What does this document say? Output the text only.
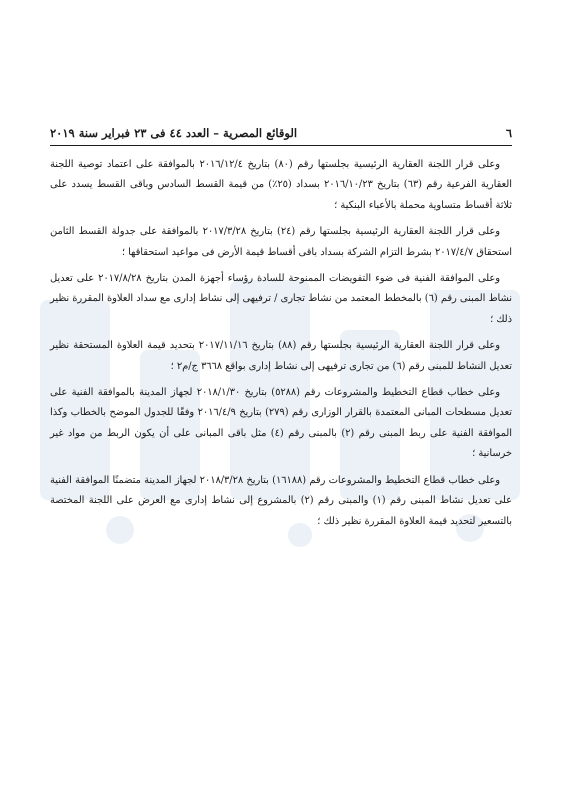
٦
الوقائع المصرية – العدد ٤٤ فى ٢٣ فبراير سنة ٢٠١٩

وعلى قرار اللجنة العقارية الرئيسية بجلستها رقم (٨٠) بتاريخ ٢٠١٦/١٢/٤ بالموافقة على اعتماد توصية اللجنة العقارية الفرعية رقم (٦٣) بتاريخ ٢٠١٦/١٠/٢٣ بسداد (٢٥٪) من قيمة القسط السادس وباقى القسط يسدد على ثلاثة أقساط متساوية محملة بالأعباء البنكية ؛

وعلى قرار اللجنة العقارية الرئيسية بجلستها رقم (٢٤) بتاريخ ٢٠١٧/٣/٢٨ بالموافقة على جدولة القسط الثامن استحقاق ٢٠١٧/٤/٧ بشرط التزام الشركة بسداد باقى أقساط قيمة الأرض فى مواعيد استحقاقها ؛

وعلى الموافقة الفنية فى ضوء التفويضات الممنوحة للسادة رؤساء أجهزة المدن بتاريخ ٢٠١٧/٨/٢٨ على تعديل نشاط المبنى رقم (٦) بالمخطط المعتمد من نشاط تجارى / ترفيهى إلى نشاط إدارى مع سداد العلاوة المقررة نظير ذلك ؛

وعلى قرار اللجنة العقارية الرئيسية بجلستها رقم (٨٨) بتاريخ ٢٠١٧/١١/١٦ بتحديد قيمة العلاوة المستحقة نظير تعديل النشاط للمبنى رقم (٦) من تجارى ترفيهى إلى نشاط إدارى بواقع ٣٦٦٨ ج/م٢ ؛

وعلى خطاب قطاع التخطيط والمشروعات رقم (٥٢٨٨) بتاريخ ٢٠١٨/١/٣٠ لجهاز المدينة بالموافقة الفنية على تعديل مسطحات المبانى المعتمدة بالقرار الوزارى رقم (٢٧٩) بتاريخ ٢٠١٦/٤/٩ وفقًا للجدول الموضح بالخطاب وكذا الموافقة الفنية على ربط المبنى رقم (٢) بالمبنى رقم (٤) مثل باقى المبانى على أن يكون الربط من مواد غير خرسانية ؛

وعلى خطاب قطاع التخطيط والمشروعات رقم (١٦١٨٨) بتاريخ ٢٠١٨/٣/٢٨ لجهاز المدينة متضمنًا الموافقة الفنية على تعديل نشاط المبنى رقم (١) والمبنى رقم (٢) بالمشروع إلى نشاط إدارى مع العرض على اللجنة المختصة بالتسعير لتحديد قيمة العلاوة المقررة نظير ذلك ؛
